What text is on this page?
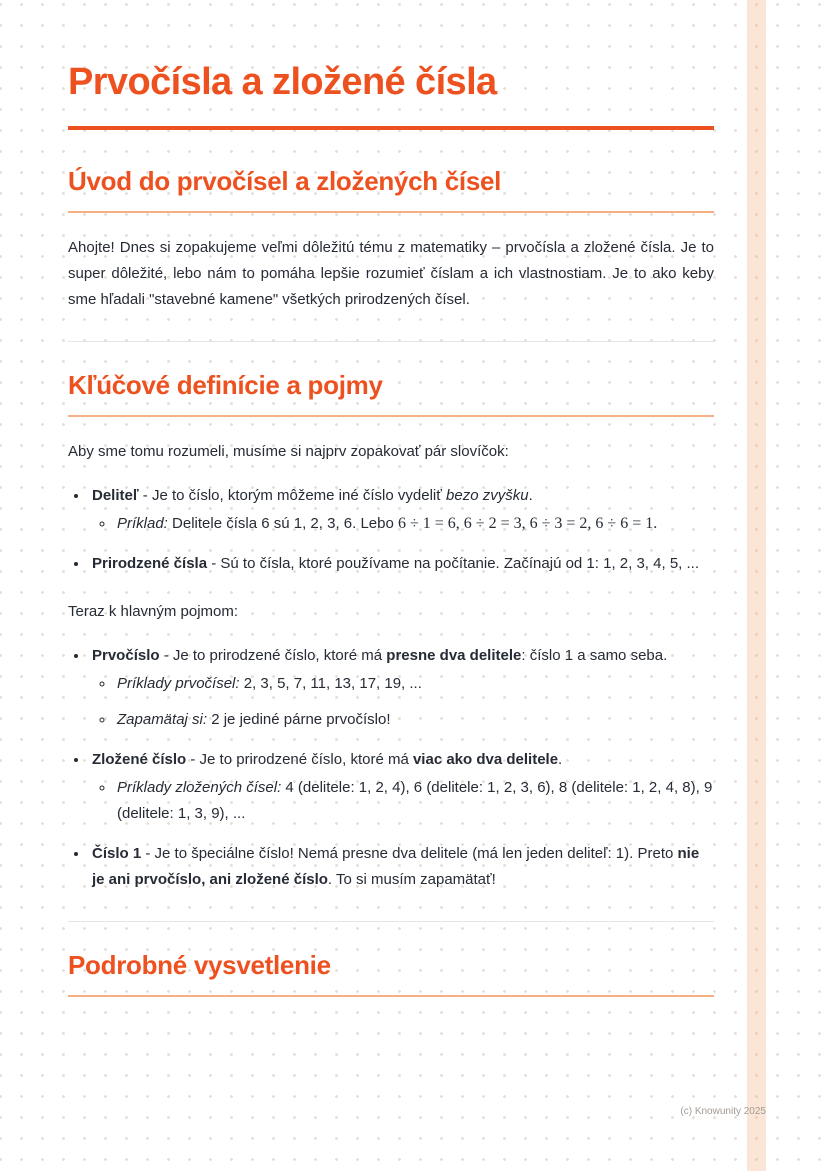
Prvočísla a zložené čísla
Úvod do prvočísel a zložených čísel

Ahojte! Dnes si zopakujeme veľmi dôležitú tému z matematiky – prvočísla a zložené čísla. Je to super dôležité, lebo nám to pomáha lepšie rozumieť číslam a ich vlastnostiam. Je to ako keby sme hľadali "stavebné kamene" všetkých prirodzených čísel.

Kľúčové definície a pojmy

Aby sme tomu rozumeli, musíme si najprv zopakovať pár slovíčok:

• Deliteľ - Je to číslo, ktorým môžeme iné číslo vydeliť bezo zvyšku.
◦ Príklad: Delitele čísla 6 sú 1, 2, 3, 6. Lebo 6 ÷ 1 = 6, 6 ÷ 2 = 3, 6 ÷ 3 = 2, 6 ÷ 6 = 1.
• Prirodzené čísla - Sú to čísla, ktoré používame na počítanie. Začínajú od 1: 1, 2, 3, 4, 5, ...

Teraz k hlavným pojmom:

• Prvočíslo - Je to prirodzené číslo, ktoré má presne dva delitele: číslo 1 a samo seba.
◦ Príklady prvočísel: 2, 3, 5, 7, 11, 13, 17, 19, ...
◦ Zapamätaj si: 2 je jediné párne prvočíslo!
• Zložené číslo - Je to prirodzené číslo, ktoré má viac ako dva delitele.
◦ Príklady zložených čísel: 4 (delitele: 1, 2, 4), 6 (delitele: 1, 2, 3, 6), 8 (delitele: 1, 2, 4, 8), 9 (delitele: 1, 3, 9), ...
• Číslo 1 - Je to špeciálne číslo! Nemá presne dva delitele (má len jeden deliteľ: 1). Preto nie je ani prvočíslo, ani zložené číslo. To si musím zapamätať!
Podrobné vysvetlenie
(c) Knowunity 2025
